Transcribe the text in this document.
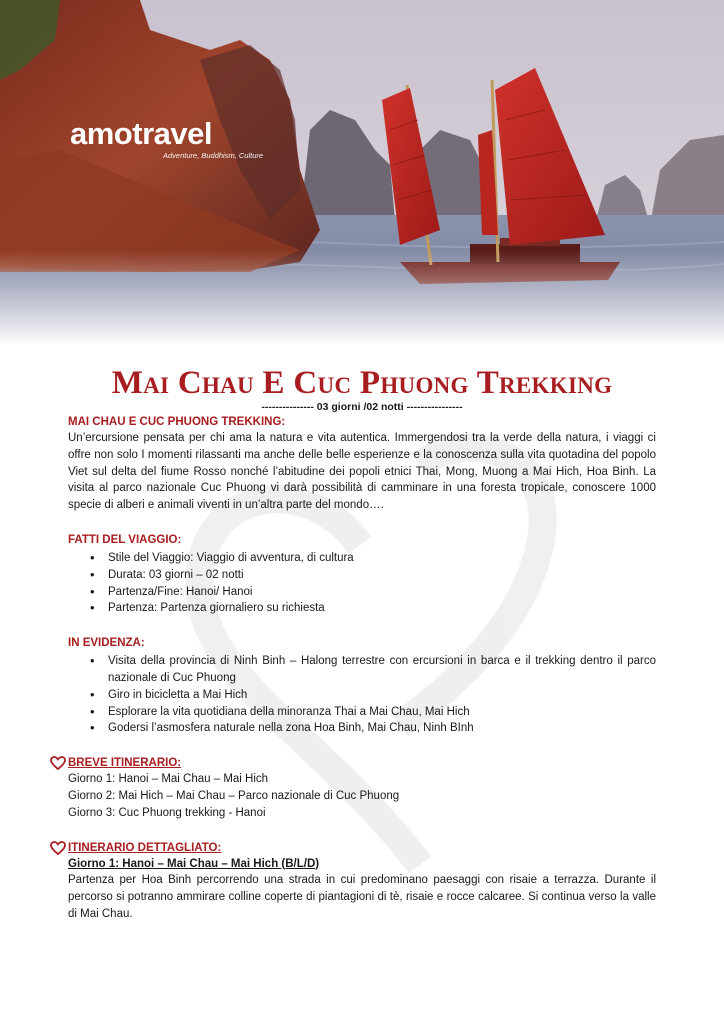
amotravel
Adventure, Buddhism, Culture
Mai Chau E Cuc Phuong Trekking
--------------- 03 giorni /02 notti ----------------
MAI CHAU E CUC PHUONG TREKKING:
Un’ercursione pensata per chi ama la natura e vita autentica. Immergendosi tra la verde della natura, i viaggi ci offre non solo I momenti rilassanti ma anche delle belle esperienze e la conoscenza sulla vita quotadina del popolo Viet sul delta del fiume Rosso nonché l’abitudine dei popoli etnici Thai, Mong, Muong a Mai Hich, Hoa Binh. La visita al parco nazionale Cuc Phuong vi darà possibilità di camminare in una foresta tropicale, conoscere 1000 specie di alberi e animali viventi in un’altra parte del mondo….
FATTI DEL VIAGGIO:
• Stile del Viaggio: Viaggio di avventura, di cultura
• Durata: 03 giorni – 02 notti
• Partenza/Fine: Hanoi/ Hanoi
• Partenza: Partenza giornaliero su richiesta
IN EVIDENZA:
• Visita della provincia di Ninh Binh – Halong terrestre con ercursioni in barca e il trekking dentro il parco nazionale di Cuc Phuong
• Giro in bicicletta a Mai Hich
• Esplorare la vita quotidiana della minoranza Thai a Mai Chau, Mai Hich
• Godersi l’asmosfera naturale nella zona Hoa Binh, Mai Chau, Ninh BInh
BREVE ITINERARIO:
Giorno 1: Hanoi – Mai Chau – Mai Hich
Giorno 2: Mai Hich – Mai Chau – Parco nazionale di Cuc Phuong
Giorno 3: Cuc Phuong trekking - Hanoi
ITINERARIO DETTAGLIATO:
Giorno 1: Hanoi – Mai Chau – Mai Hich (B/L/D)
Partenza per Hoa Binh percorrendo una strada in cui predominano paesaggi con risaie a terrazza. Durante il percorso si potranno ammirare colline coperte di piantagioni di tè, risaie e rocce calcaree. Si continua verso la valle di Mai Chau.
